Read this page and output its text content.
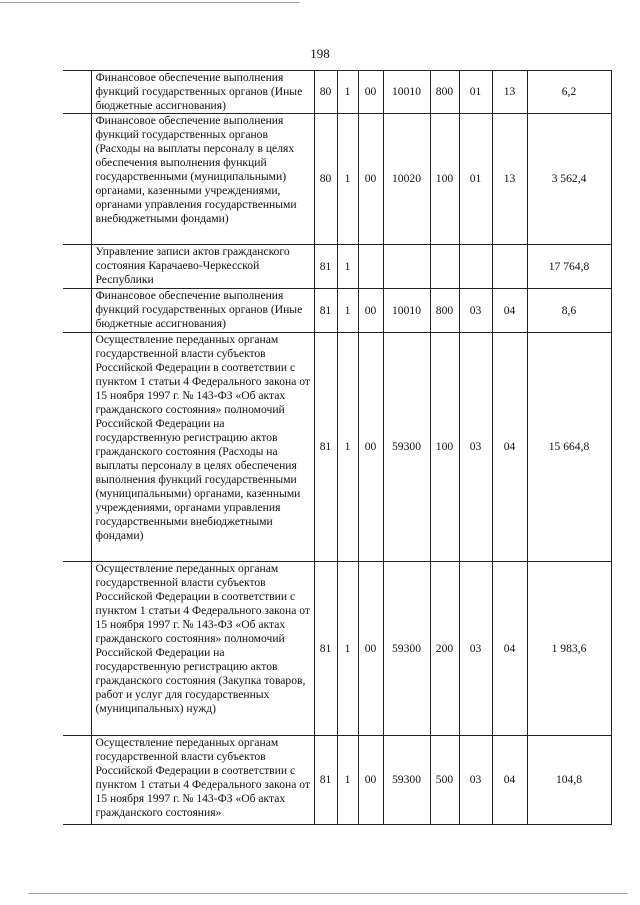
198
	Финансовое обеспечение выполнения функций государственных органов (Иные бюджетные ассигнования)	80	1	00	10010	800	01	13	6,2
	Финансовое обеспечение выполнения функций государственных органов (Расходы на выплаты персоналу в целях обеспечения выполнения функций государственными (муниципальными) органами, казенными учреждениями, органами управления государственными внебюджетными фондами)	80	1	00	10020	100	01	13	3 562,4
	Управление записи актов гражданского состояния Карачаево-Черкесской Республики	81	1						17 764,8
	Финансовое обеспечение выполнения функций государственных органов (Иные бюджетные ассигнования)	81	1	00	10010	800	03	04	8,6
	Осуществление переданных органам государственной власти субъектов Российской Федерации в соответствии с пунктом 1 статьи 4 Федерального закона от 15 ноября 1997 г. № 143-ФЗ «Об актах гражданского состояния» полномочий Российской Федерации на государственную регистрацию актов гражданского состояния (Расходы на выплаты персоналу в целях обеспечения выполнения функций государственными (муниципальными) органами, казенными учреждениями, органами управления государственными внебюджетными фондами)	81	1	00	59300	100	03	04	15 664,8
	Осуществление переданных органам государственной власти субъектов Российской Федерации в соответствии с пунктом 1 статьи 4 Федерального закона от 15 ноября 1997 г. № 143-ФЗ «Об актах гражданского состояния» полномочий Российской Федерации на государственную регистрацию актов гражданского состояния (Закупка товаров, работ и услуг для государственных (муниципальных) нужд)	81	1	00	59300	200	03	04	1 983,6
	Осуществление переданных органам государственной власти субъектов Российской Федерации в соответствии с пунктом 1 статьи 4 Федерального закона от 15 ноября 1997 г. № 143-ФЗ «Об актах гражданского состояния»	81	1	00	59300	500	03	04	104,8
